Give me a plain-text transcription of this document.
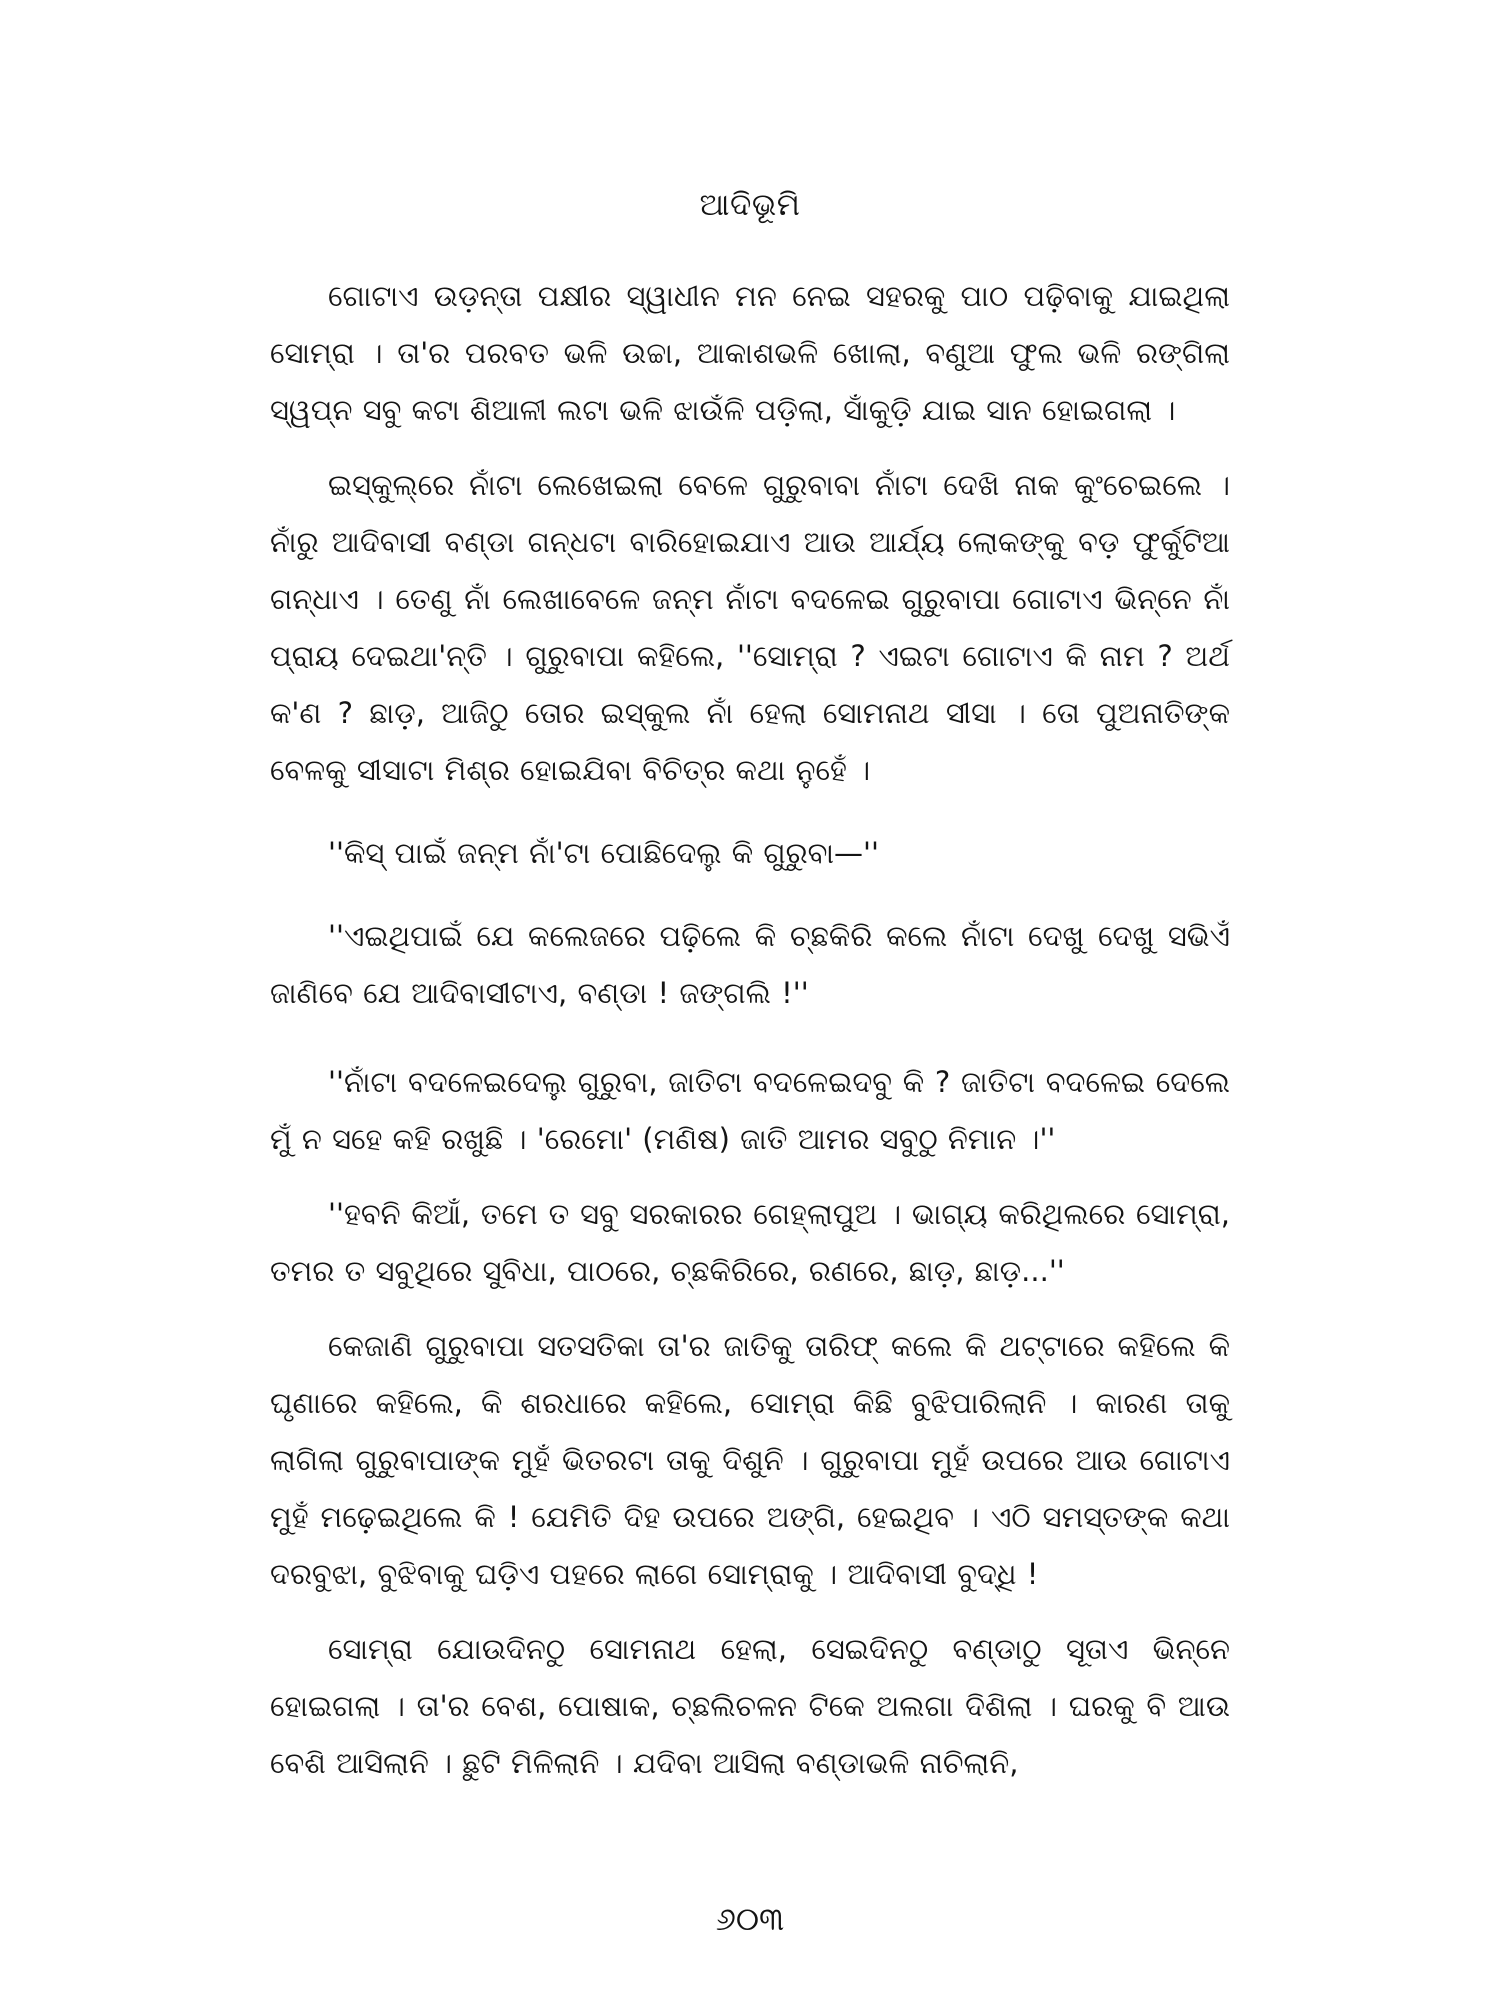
ଆଦିଭୂମି

ଗୋଟାଏ ଉଡ଼ନ୍ତା ପକ୍ଷୀର ସ୍ୱାଧୀନ ମନ ନେଇ ସହରକୁ ପାଠ ପଢ଼ିବାକୁ ଯାଇଥିଲା ସୋମ୍‌ରା । ତା'ର ପରବତ ଭଳି ଉଚ୍ଚା, ଆକାଶଭଳି ଖୋଲା, ବଣୁଆ ଫୁଲ ଭଳି ରଙ୍ଗିଲା ସ୍ୱପ୍ନ ସବୁ କଟା ଶିଆଳୀ ଲଟା ଭଳି ଝାଉଁଳି ପଡ଼ିଲା, ସାଁକୁଡ଼ି ଯାଇ ସାନ ହୋଇଗଲା ।

ଇସ୍‌କୁଲ୍‌ରେ ନାଁଟା ଲେଖେଇଲା ବେଳେ ଗୁରୁବାବା ନାଁଟା ଦେଖି ନାକ କୁଂଚେଇଲେ । ନାଁରୁ ଆଦିବାସୀ ବଣ୍ଡା ଗନ୍ଧଟା ବାରିହୋଇଯାଏ ଆଉ ଆର୍ଯ୍ୟ ଲୋକଙ୍କୁ ବଡ଼ ଫୁର୍କୁଟିଆ ଗନ୍ଧାଏ । ତେଣୁ ନାଁ ଲେଖାବେଳେ ଜନ୍ମ ନାଁଟା ବଦଳେଇ ଗୁରୁବାପା ଗୋଟାଏ ଭିନ୍ନେ ନାଁ ପ୍ରାୟ ଦେଇଥା'ନ୍ତି । ଗୁରୁବାପା କହିଲେ, ''ସୋମ୍‌ରା ? ଏଇଟା ଗୋଟାଏ କି ନାମ ? ଅର୍ଥ କ'ଣ ? ଛାଡ଼, ଆଜିଠୁ ତୋର ଇସ୍କୁଲ ନାଁ ହେଲା ସୋମନାଥ ସୀସା । ତୋ ପୁଅନାତିଙ୍କ ବେଳକୁ ସୀସାଟା ମିଶ୍ର ହୋଇଯିବା ବିଚିତ୍ର କଥା ନୁହେଁ ।

''କିସ୍ ପାଇଁ ଜନ୍ମ ନାଁ'ଟା ପୋଛିଦେଲୁ କି ଗୁରୁବା—''

''ଏଇଥିପାଇଁ ଯେ କଲେଜରେ ପଢ଼ିଲେ କି ଚ୍ଛକିରି କଲେ ନାଁଟା ଦେଖୁ ଦେଖୁ ସଭିଏଁ ଜାଣିବେ ଯେ ଆଦିବାସୀଟାଏ, ବଣ୍ଡା ! ଜଙ୍ଗଲି !''

''ନାଁଟା ବଦଳେଇଦେଲୁ ଗୁରୁବା, ଜାତିଟା ବଦଳେଇଦବୁ କି ? ଜାତିଟା ବଦଳେଇ ଦେଲେ ମୁଁ ନ ସହେ କହି ରଖୁଛି । 'ରେମୋ' (ମଣିଷ) ଜାତି ଆମର ସବୁଠୁ ନିମାନ ।''

''ହବନି କିଆଁ, ତମେ ତ ସବୁ ସରକାରର ଗେହ୍ଲାପୁଅ । ଭାଗ୍ୟ କରିଥିଲରେ ସୋମ୍‌ରା, ତମର ତ ସବୁଥିରେ ସୁବିଧା, ପାଠରେ, ଚ୍ଛକିରିରେ, ରଣରେ, ଛାଡ଼, ଛାଡ଼...''

କେଜାଣି ଗୁରୁବାପା ସତସତିକା ତା'ର ଜାତିକୁ ତାରିଫ୍ କଲେ କି ଥଟ୍ଟାରେ କହିଲେ କି ଘୃଣାରେ କହିଲେ, କି ଶରଧାରେ କହିଲେ, ସୋମ୍‌ରା କିଛି ବୁଝିପାରିଲାନି । କାରଣ ତାକୁ ଲାଗିଲା ଗୁରୁବାପାଙ୍କ ମୁହଁ ଭିତରଟା ତାକୁ ଦିଶୁନି । ଗୁରୁବାପା ମୁହଁ ଉପରେ ଆଉ ଗୋଟାଏ ମୁହଁ ମଢ଼େଇଥିଲେ କି ! ଯେମିତି ଦିହ ଉପରେ ଅଙ୍ଗି, ହେଇଥିବ । ଏଠି ସମସ୍ତଙ୍କ କଥା ଦରବୁଝା, ବୁଝିବାକୁ ଘଡ଼ିଏ ପହରେ ଲାଗେ ସୋମ୍‌ରାକୁ । ଆଦିବାସୀ ବୁଦ୍ଧି !

ସୋମ୍‌ରା ଯୋଉଦିନଠୁ ସୋମନାଥ ହେଲା, ସେଇଦିନଠୁ ବଣ୍ଡାଠୁ ସୂତାଏ ଭିନ୍ନେ ହୋଇଗଲା । ତା'ର ବେଶ, ପୋଷାକ, ଚ୍ଛଲିଚଳନ ଟିକେ ଅଲଗା ଦିଶିଲା । ଘରକୁ ବି ଆଉ ବେଶି ଆସିଲାନି । ଛୁଟି ମିଳିଲାନି । ଯଦିବା ଆସିଲା ବଣ୍ଡାଭଳି ନାଚିଲାନି,

୬୦୩
